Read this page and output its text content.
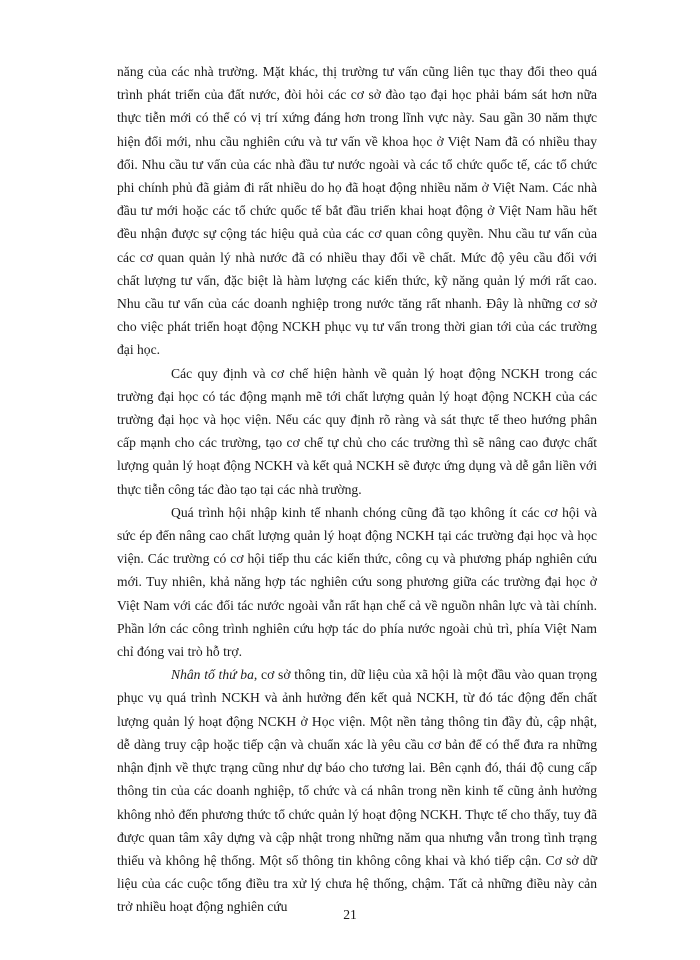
năng của các nhà trường. Mặt khác, thị trường tư vấn cũng liên tục thay đổi theo quá trình phát triển của đất nước, đòi hỏi các cơ sở đào tạo đại học phải bám sát hơn nữa thực tiễn mới có thể có vị trí xứng đáng hơn trong lĩnh vực này. Sau gần 30 năm thực hiện đổi mới, nhu cầu nghiên cứu và tư vấn về khoa học ở Việt Nam đã có nhiều thay đổi. Nhu cầu tư vấn của các nhà đầu tư nước ngoài và các tổ chức quốc tế, các tổ chức phi chính phủ đã giảm đi rất nhiều do họ đã hoạt động nhiều năm ở Việt Nam. Các nhà đầu tư mới hoặc các tổ chức quốc tế bắt đầu triển khai hoạt động ở Việt Nam hầu hết đều nhận được sự cộng tác hiệu quả của các cơ quan công quyền. Nhu cầu tư vấn của các cơ quan quản lý nhà nước đã có nhiều thay đổi về chất. Mức độ yêu cầu đối với chất lượng tư vấn, đặc biệt là hàm lượng các kiến thức, kỹ năng quản lý mới rất cao. Nhu cầu tư vấn của các doanh nghiệp trong nước tăng rất nhanh. Đây là những cơ sở cho việc phát triển hoạt động NCKH phục vụ tư vấn trong thời gian tới của các trường đại học.

Các quy định và cơ chế hiện hành về quản lý hoạt động NCKH trong các trường đại học có tác động mạnh mẽ tới chất lượng quản lý hoạt động NCKH của các trường đại học và học viện. Nếu các quy định rõ ràng và sát thực tế theo hướng phân cấp mạnh cho các trường, tạo cơ chế tự chủ cho các trường thì sẽ nâng cao được chất lượng quản lý hoạt động NCKH và kết quả NCKH sẽ được ứng dụng và dễ gắn liền với thực tiễn công tác đào tạo tại các nhà trường.

Quá trình hội nhập kinh tế nhanh chóng cũng đã tạo không ít các cơ hội và sức ép đến nâng cao chất lượng quản lý hoạt động NCKH tại các trường đại học và học viện. Các trường có cơ hội tiếp thu các kiến thức, công cụ và phương pháp nghiên cứu mới. Tuy nhiên, khả năng hợp tác nghiên cứu song phương giữa các trường đại học ở Việt Nam với các đối tác nước ngoài vẫn rất hạn chế cả về nguồn nhân lực và tài chính. Phần lớn các công trình nghiên cứu hợp tác do phía nước ngoài chủ trì, phía Việt Nam chỉ đóng vai trò hỗ trợ.

Nhân tố thứ ba, cơ sở thông tin, dữ liệu của xã hội là một đầu vào quan trọng phục vụ quá trình NCKH và ảnh hưởng đến kết quả NCKH, từ đó tác động đến chất lượng quản lý hoạt động NCKH ở Học viện. Một nền tảng thông tin đầy đủ, cập nhật, dễ dàng truy cập hoặc tiếp cận và chuẩn xác là yêu cầu cơ bản để có thể đưa ra những nhận định về thực trạng cũng như dự báo cho tương lai. Bên cạnh đó, thái độ cung cấp thông tin của các doanh nghiệp, tổ chức và cá nhân trong nền kinh tế cũng ảnh hưởng không nhỏ đến phương thức tổ chức quản lý hoạt động NCKH. Thực tế cho thấy, tuy đã được quan tâm xây dựng và cập nhật trong những năm qua nhưng vẫn trong tình trạng thiếu và không hệ thống. Một số thông tin không công khai và khó tiếp cận. Cơ sở dữ liệu của các cuộc tổng điều tra xử lý chưa hệ thống, chậm. Tất cả những điều này cản trở nhiều hoạt động nghiên cứu

21
